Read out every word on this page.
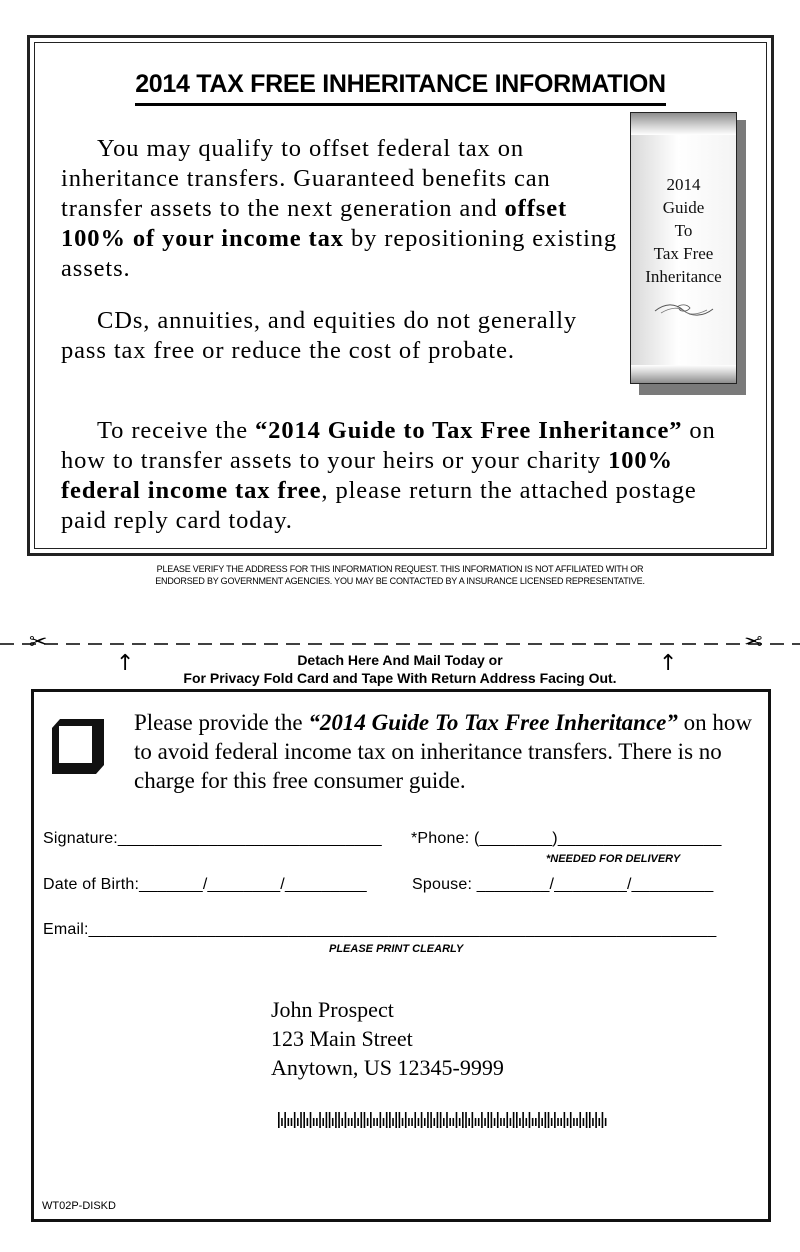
2014 TAX FREE INHERITANCE INFORMATION
You may qualify to offset federal tax on inheritance transfers. Guaranteed benefits can transfer assets to the next generation and offset 100% of your income tax by repositioning existing assets.
CDs, annuities, and equities do not generally pass tax free or reduce the cost of probate.
To receive the “2014 Guide to Tax Free Inheritance” on how to transfer assets to your heirs or your charity 100% federal income tax free, please return the attached postage paid reply card today.
2014
Guide
To
Tax Free
Inheritance
PLEASE VERIFY THE ADDRESS FOR THIS INFORMATION REQUEST. THIS INFORMATION IS NOT AFFILIATED WITH OR
ENDORSED BY GOVERNMENT AGENCIES. YOU MAY BE CONTACTED BY A INSURANCE LICENSED REPRESENTATIVE.
✂	✂
↑	↑
Detach Here And Mail Today or
For Privacy Fold Card and Tape With Return Address Facing Out.
Please provide the “2014 Guide To Tax Free Inheritance” on how to avoid federal income tax on inheritance transfers. There is no charge for this free consumer guide.
Signature:_____________________________ *Phone: (________)__________________
*NEEDED FOR DELIVERY
Date of Birth:_______/________/_________	Spouse: ________/________/_________
Email:_____________________________________________________________________
PLEASE PRINT CLEARLY
John Prospect
123 Main Street
Anytown, US 12345-9999
WT02P-DISKD
